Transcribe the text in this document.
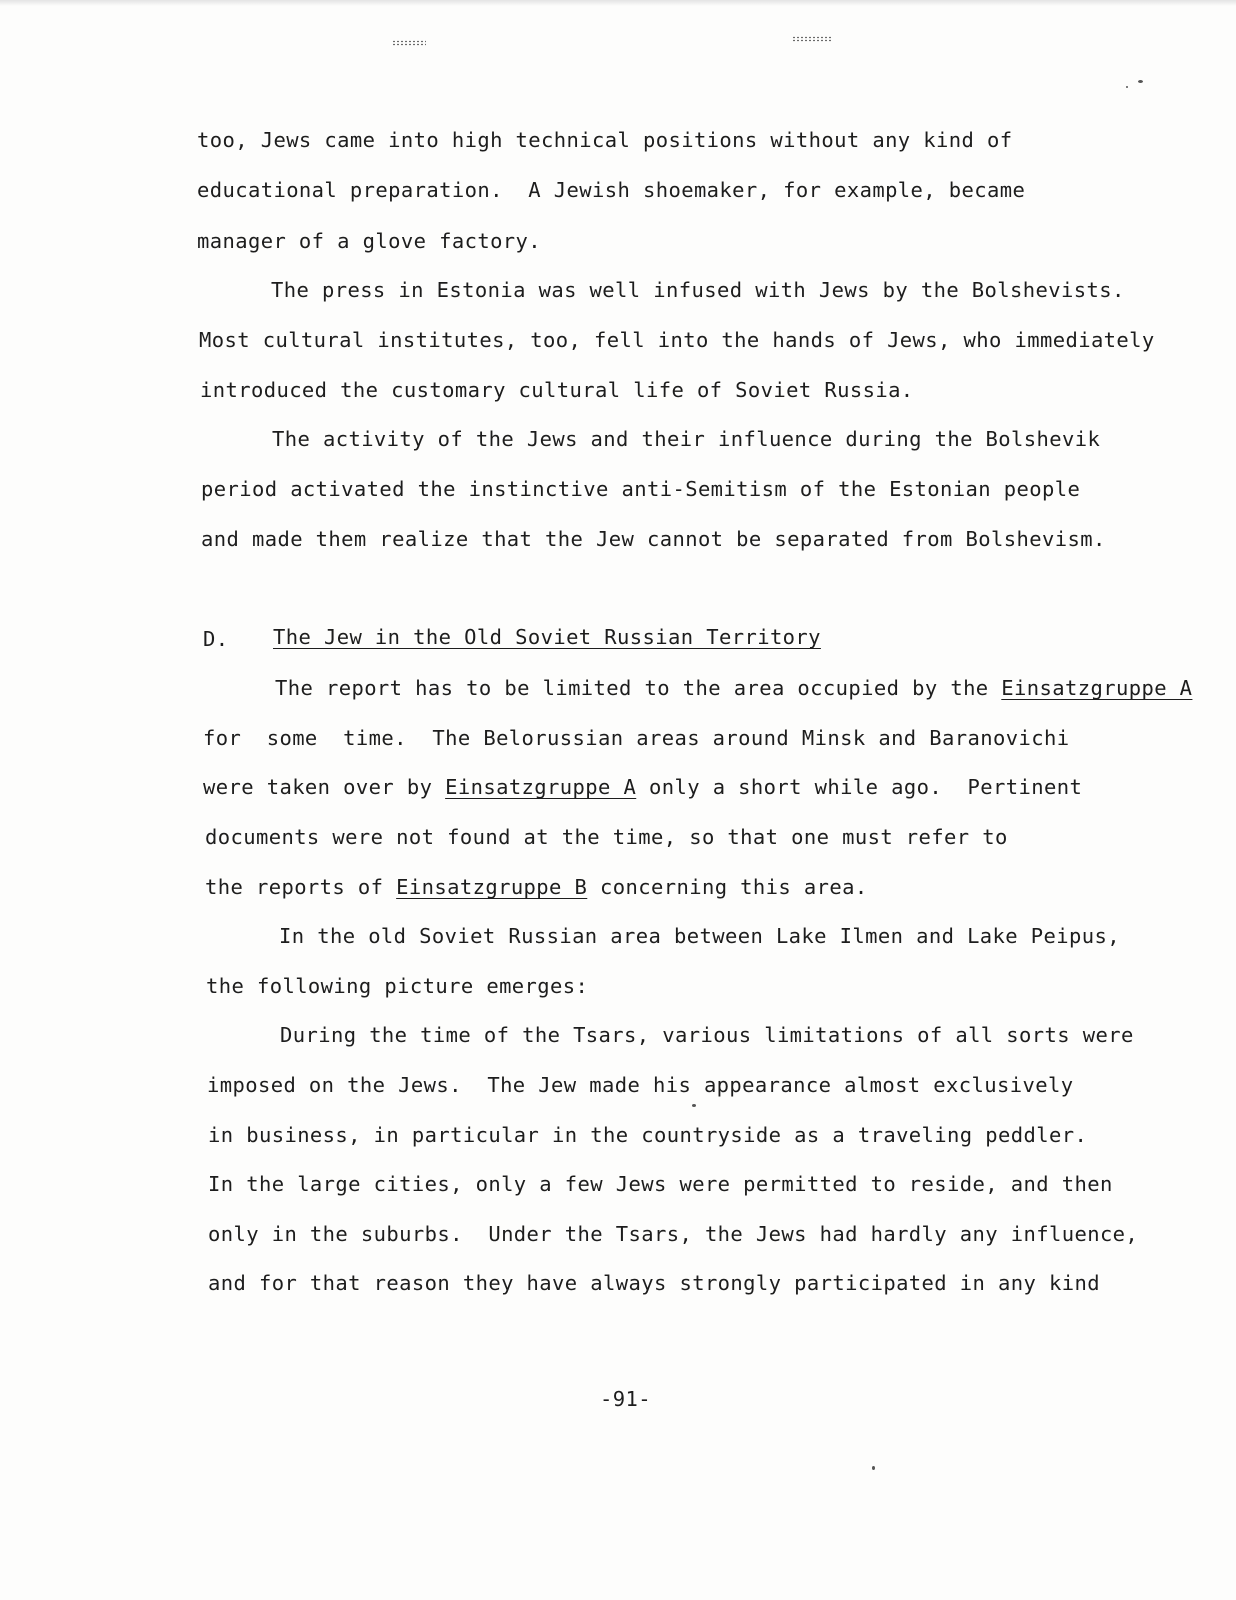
too, Jews came into high technical positions without any kind of
educational preparation.  A Jewish shoemaker, for example, became
manager of a glove factory.
The press in Estonia was well infused with Jews by the Bolshevists.
Most cultural institutes, too, fell into the hands of Jews, who immediately
introduced the customary cultural life of Soviet Russia.
The activity of the Jews and their influence during the Bolshevik
period activated the instinctive anti-Semitism of the Estonian people
and made them realize that the Jew cannot be separated from Bolshevism.
D. The Jew in the Old Soviet Russian Territory
The report has to be limited to the area occupied by the Einsatzgruppe A
for  some  time.  The Belorussian areas around Minsk and Baranovichi
were taken over by Einsatzgruppe A only a short while ago.  Pertinent
documents were not found at the time, so that one must refer to
the reports of Einsatzgruppe B concerning this area.
In the old Soviet Russian area between Lake Ilmen and Lake Peipus,
the following picture emerges:
During the time of the Tsars, various limitations of all sorts were
imposed on the Jews.  The Jew made his appearance almost exclusively
in business, in particular in the countryside as a traveling peddler.
In the large cities, only a few Jews were permitted to reside, and then
only in the suburbs.  Under the Tsars, the Jews had hardly any influence,
and for that reason they have always strongly participated in any kind
-91-
